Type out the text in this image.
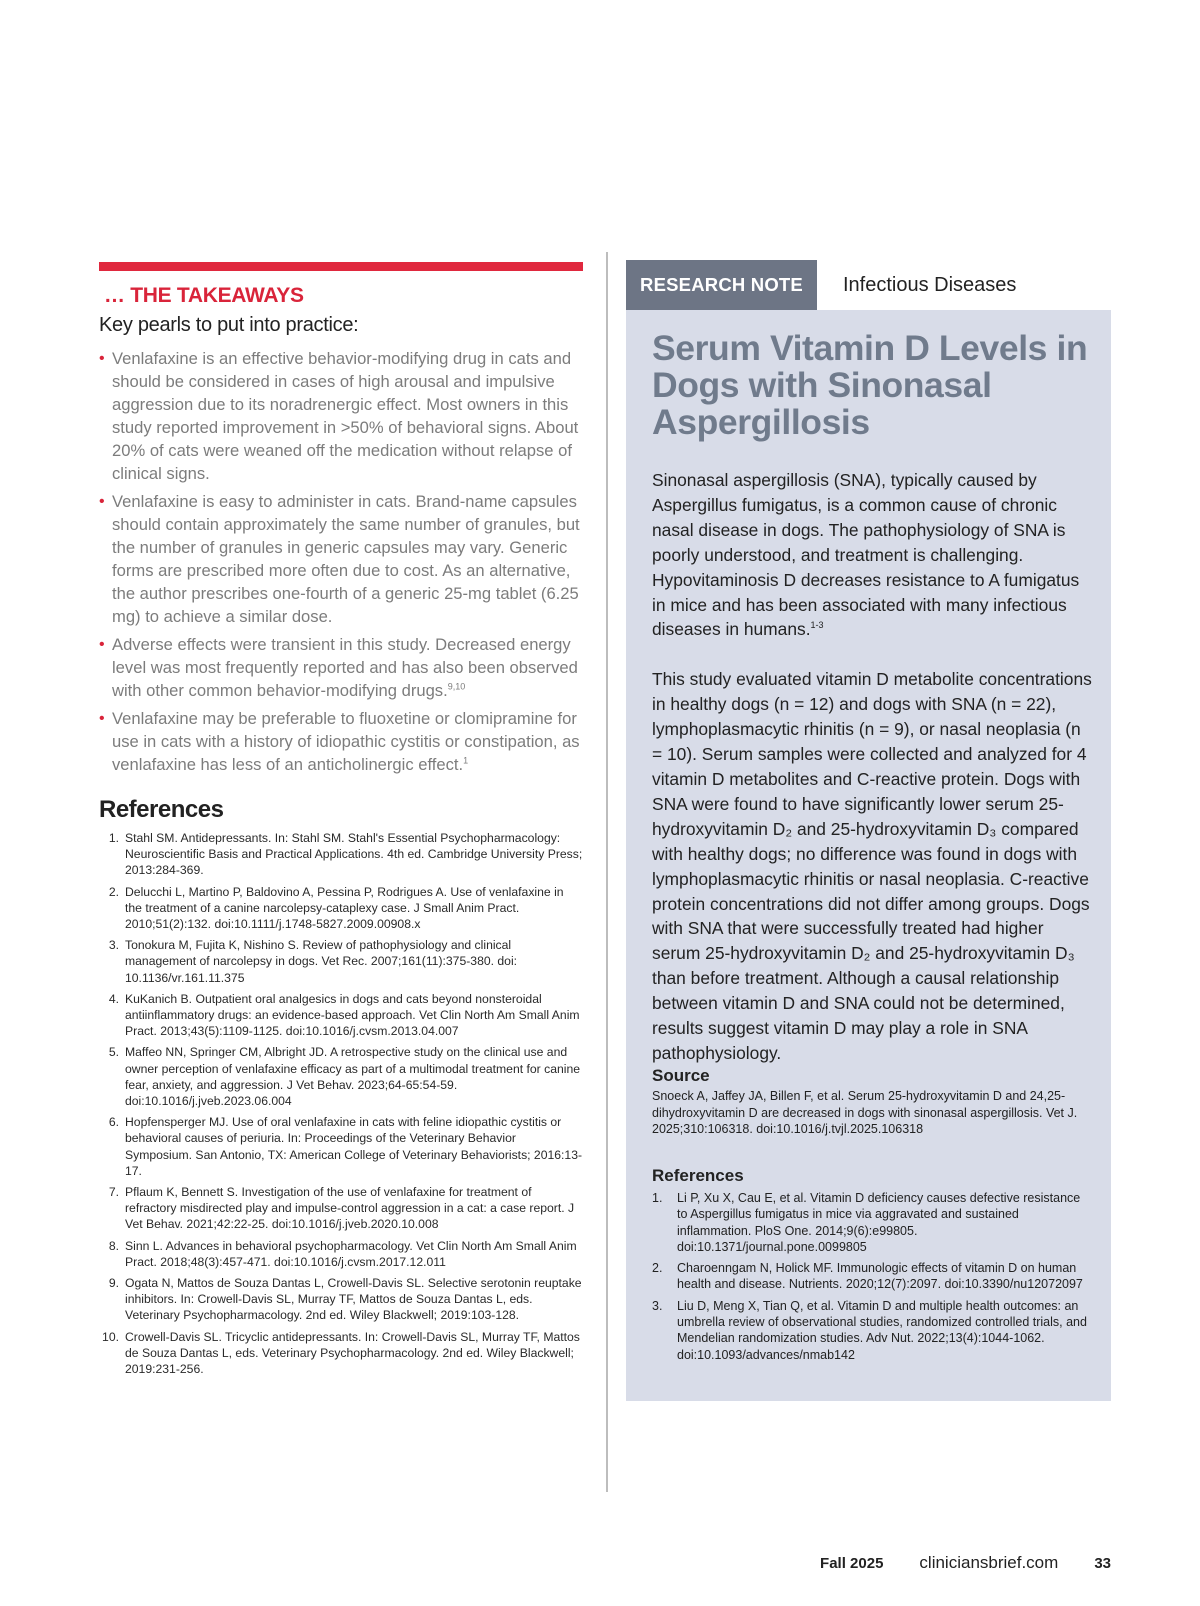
… THE TAKEAWAYS
Key pearls to put into practice:
• Venlafaxine is an effective behavior-modifying drug in cats and should be considered in cases of high arousal and impulsive aggression due to its noradrenergic effect. Most owners in this study reported improvement in >50% of behavioral signs. About 20% of cats were weaned off the medication without relapse of clinical signs.
• Venlafaxine is easy to administer in cats. Brand-name capsules should contain approximately the same number of granules, but the number of granules in generic capsules may vary. Generic forms are prescribed more often due to cost. As an alternative, the author prescribes one-fourth of a generic 25-mg tablet (6.25 mg) to achieve a similar dose.
• Adverse effects were transient in this study. Decreased energy level was most frequently reported and has also been observed with other common behavior-modifying drugs.$^{9,10}$
• Venlafaxine may be preferable to fluoxetine or clomipramine for use in cats with a history of idiopathic cystitis or constipation, as venlafaxine has less of an anticholinergic effect.$^1$
References
1. Stahl SM. Antidepressants. In: Stahl SM. Stahl's Essential Psychopharmacology: Neuroscientific Basis and Practical Applications. 4th ed. Cambridge University Press; 2013:284-369.
2. Delucchi L, Martino P, Baldovino A, Pessina P, Rodrigues A. Use of venlafaxine in the treatment of a canine narcolepsy-cataplexy case. J Small Anim Pract. 2010;51(2):132. doi:10.1111/j.1748-5827.2009.00908.x
3. Tonokura M, Fujita K, Nishino S. Review of pathophysiology and clinical management of narcolepsy in dogs. Vet Rec. 2007;161(11):375-380. doi: 10.1136/vr.161.11.375
4. KuKanich B. Outpatient oral analgesics in dogs and cats beyond nonsteroidal antiinflammatory drugs: an evidence-based approach. Vet Clin North Am Small Anim Pract. 2013;43(5):1109-1125. doi:10.1016/j.cvsm.2013.04.007
5. Maffeo NN, Springer CM, Albright JD. A retrospective study on the clinical use and owner perception of venlafaxine efficacy as part of a multimodal treatment for canine fear, anxiety, and aggression. J Vet Behav. 2023;64-65:54-59. doi:10.1016/j.jveb.2023.06.004
6. Hopfensperger MJ. Use of oral venlafaxine in cats with feline idiopathic cystitis or behavioral causes of periuria. In: Proceedings of the Veterinary Behavior Symposium. San Antonio, TX: American College of Veterinary Behaviorists; 2016:13-17.
7. Pflaum K, Bennett S. Investigation of the use of venlafaxine for treatment of refractory misdirected play and impulse-control aggression in a cat: a case report. J Vet Behav. 2021;42:22-25. doi:10.1016/j.jveb.2020.10.008
8. Sinn L. Advances in behavioral psychopharmacology. Vet Clin North Am Small Anim Pract. 2018;48(3):457-471. doi:10.1016/j.cvsm.2017.12.011
9. Ogata N, Mattos de Souza Dantas L, Crowell-Davis SL. Selective serotonin reuptake inhibitors. In: Crowell-Davis SL, Murray TF, Mattos de Souza Dantas L, eds. Veterinary Psychopharmacology. 2nd ed. Wiley Blackwell; 2019:103-128.
10. Crowell-Davis SL. Tricyclic antidepressants. In: Crowell-Davis SL, Murray TF, Mattos de Souza Dantas L, eds. Veterinary Psychopharmacology. 2nd ed. Wiley Blackwell; 2019:231-256.
RESEARCH NOTE	Infectious Diseases
Serum Vitamin D Levels in Dogs with Sinonasal Aspergillosis

Sinonasal aspergillosis (SNA), typically caused by Aspergillus fumigatus, is a common cause of chronic nasal disease in dogs. The pathophysiology of SNA is poorly understood, and treatment is challenging. Hypovitaminosis D decreases resistance to A fumigatus in mice and has been associated with many infectious diseases in humans.$^{1-3}$

This study evaluated vitamin D metabolite concentrations in healthy dogs (n = 12) and dogs with SNA (n = 22), lymphoplasmacytic rhinitis (n = 9), or nasal neoplasia (n = 10). Serum samples were collected and analyzed for 4 vitamin D metabolites and C-reactive protein. Dogs with SNA were found to have significantly lower serum 25-hydroxyvitamin D₂ and 25-hydroxyvitamin D₃ compared with healthy dogs; no difference was found in dogs with lymphoplasmacytic rhinitis or nasal neoplasia. C-reactive protein concentrations did not differ among groups. Dogs with SNA that were successfully treated had higher serum 25-hydroxyvitamin D₂ and 25-hydroxyvitamin D₃ than before treatment. Although a causal relationship between vitamin D and SNA could not be determined, results suggest vitamin D may play a role in SNA pathophysiology.

Source
Snoeck A, Jaffey JA, Billen F, et al. Serum 25-hydroxyvitamin D and 24,25-dihydroxyvitamin D are decreased in dogs with sinonasal aspergillosis. Vet J. 2025;310:106318. doi:10.1016/j.tvjl.2025.106318
References
1. Li P, Xu X, Cau E, et al. Vitamin D deficiency causes defective resistance to Aspergillus fumigatus in mice via aggravated and sustained inflammation. PloS One. 2014;9(6):e99805. doi:10.1371/journal.pone.0099805
2. Charoenngam N, Holick MF. Immunologic effects of vitamin D on human health and disease. Nutrients. 2020;12(7):2097. doi:10.3390/nu12072097
3. Liu D, Meng X, Tian Q, et al. Vitamin D and multiple health outcomes: an umbrella review of observational studies, randomized controlled trials, and Mendelian randomization studies. Adv Nut. 2022;13(4):1044-1062. doi:10.1093/advances/nmab142
Fall 2025 cliniciansbrief.com 33
